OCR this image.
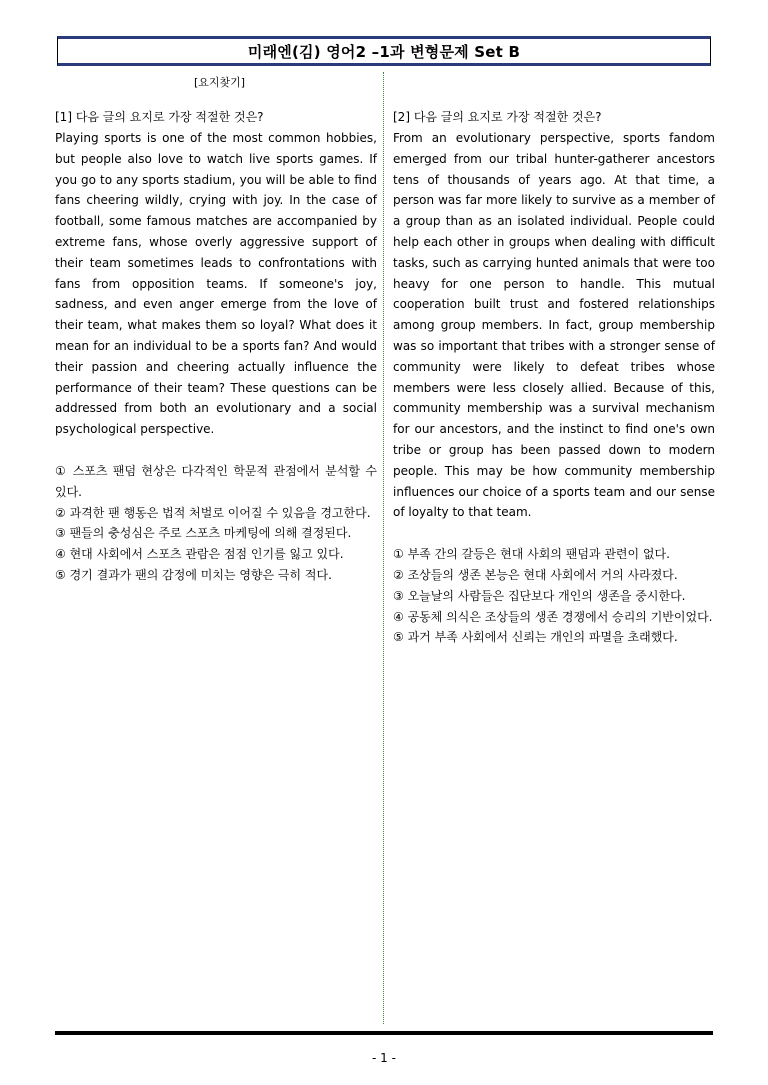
미래엔(김) 영어2 –1과 변형문제 Set B
[요지찾기]

[1] 다음 글의 요지로 가장 적절한 것은?

Playing sports is one of the most common hobbies, but people also love to watch live sports games. If you go to any sports stadium, you will be able to find fans cheering wildly, crying with joy. In the case of football, some famous matches are accompanied by extreme fans, whose overly aggressive support of their team sometimes leads to confrontations with fans from opposition teams. If someone's joy, sadness, and even anger emerge from the love of their team, what makes them so loyal? What does it mean for an individual to be a sports fan? And would their passion and cheering actually influence the performance of their team? These questions can be addressed from both an evolutionary and a social psychological perspective.

① 스포츠 팬덤 현상은 다각적인 학문적 관점에서 분석할 수 있다.

② 과격한 팬 행동은 법적 처벌로 이어질 수 있음을 경고한다.

③ 팬들의 충성심은 주로 스포츠 마케팅에 의해 결정된다.

④ 현대 사회에서 스포츠 관람은 점점 인기를 잃고 있다.

⑤ 경기 결과가 팬의 감정에 미치는 영향은 극히 적다.

[2] 다음 글의 요지로 가장 적절한 것은?

From an evolutionary perspective, sports fandom emerged from our tribal hunter-gatherer ancestors tens of thousands of years ago. At that time, a person was far more likely to survive as a member of a group than as an isolated individual. People could help each other in groups when dealing with difficult tasks, such as carrying hunted animals that were too heavy for one person to handle. This mutual cooperation built trust and fostered relationships among group members. In fact, group membership was so important that tribes with a stronger sense of community were likely to defeat tribes whose members were less closely allied. Because of this, community membership was a survival mechanism for our ancestors, and the instinct to find one's own tribe or group has been passed down to modern people. This may be how community membership influences our choice of a sports team and our sense of loyalty to that team.

① 부족 간의 갈등은 현대 사회의 팬덤과 관련이 없다.

② 조상들의 생존 본능은 현대 사회에서 거의 사라졌다.

③ 오늘날의 사람들은 집단보다 개인의 생존을 중시한다.

④ 공동체 의식은 조상들의 생존 경쟁에서 승리의 기반이었다.

⑤ 과거 부족 사회에서 신뢰는 개인의 파멸을 초래했다.

- 1 -
